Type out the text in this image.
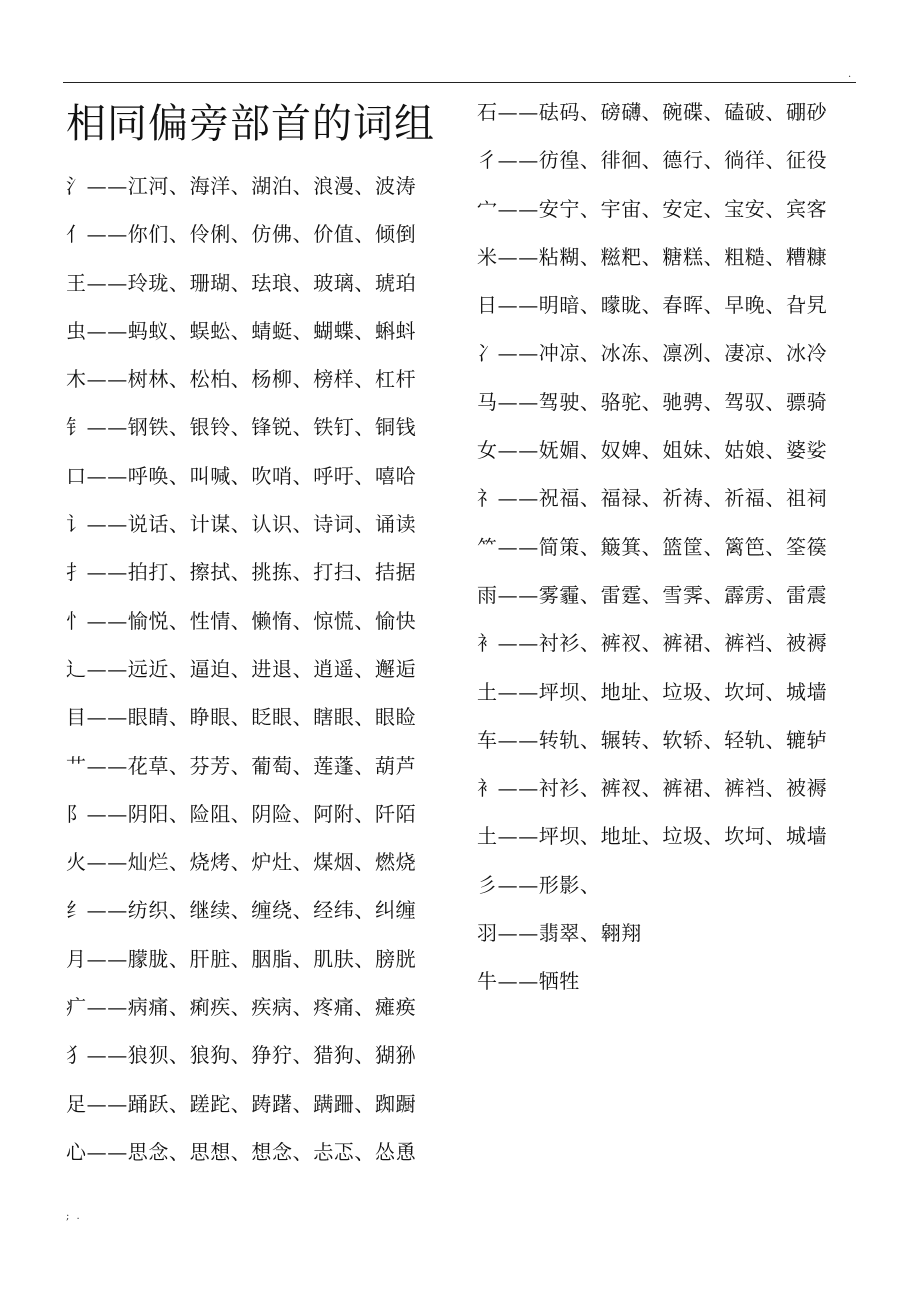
.
相同偏旁部首的词组
氵——江河、海洋、湖泊、浪漫、波涛
亻——你们、伶俐、仿佛、价值、倾倒
王——玲珑、珊瑚、珐琅、玻璃、琥珀
虫——蚂蚁、蜈蚣、蜻蜓、蝴蝶、蝌蚪
木——树林、松柏、杨柳、榜样、杠杆
钅——钢铁、银铃、锋锐、铁钉、铜钱
口——呼唤、叫喊、吹哨、呼吁、嘻哈
讠——说话、计谋、认识、诗词、诵读
扌——拍打、擦拭、挑拣、打扫、拮据
忄——愉悦、性情、懒惰、惊慌、愉快
辶——远近、逼迫、进退、逍遥、邂逅
目——眼睛、睁眼、眨眼、瞎眼、眼睑
艹——花草、芬芳、葡萄、莲蓬、葫芦
阝——阴阳、险阻、阴险、阿附、阡陌
火——灿烂、烧烤、炉灶、煤烟、燃烧
纟——纺织、继续、缠绕、经纬、纠缠
月——朦胧、肝脏、胭脂、肌肤、膀胱
疒——病痛、痢疾、疾病、疼痛、瘫痪
犭——狼狈、狼狗、狰狞、猎狗、猢狲
足——踊跃、蹉跎、踌躇、蹒跚、踟蹰
心——思念、思想、想念、忐忑、怂恿
石——砝码、磅礴、碗碟、磕破、硼砂
彳——彷徨、徘徊、德行、徜徉、征役
宀——安宁、宇宙、安定、宝安、宾客
米——粘糊、糍粑、糖糕、粗糙、糟糠
日——明暗、曚昽、春晖、早晚、旮旯
冫——冲凉、冰冻、凛冽、凄凉、冰冷
马——驾驶、骆驼、驰骋、驾驭、骠骑
女——妩媚、奴婢、姐妹、姑娘、婆娑
礻——祝福、福禄、祈祷、祈福、祖祠
⺮——简策、簸箕、篮筐、篱笆、筌篌
雨——雾霾、雷霆、雪霁、霹雳、雷震
衤——衬衫、裤衩、裤裙、裤裆、被褥
土——坪坝、地址、垃圾、坎坷、城墙
车——转轨、辗转、软轿、轻轨、辘轳
衤——衬衫、裤衩、裤裙、裤裆、被褥
土——坪坝、地址、垃圾、坎坷、城墙
彡——形影、
羽——翡翠、翱翔
牛——牺牲
; .
